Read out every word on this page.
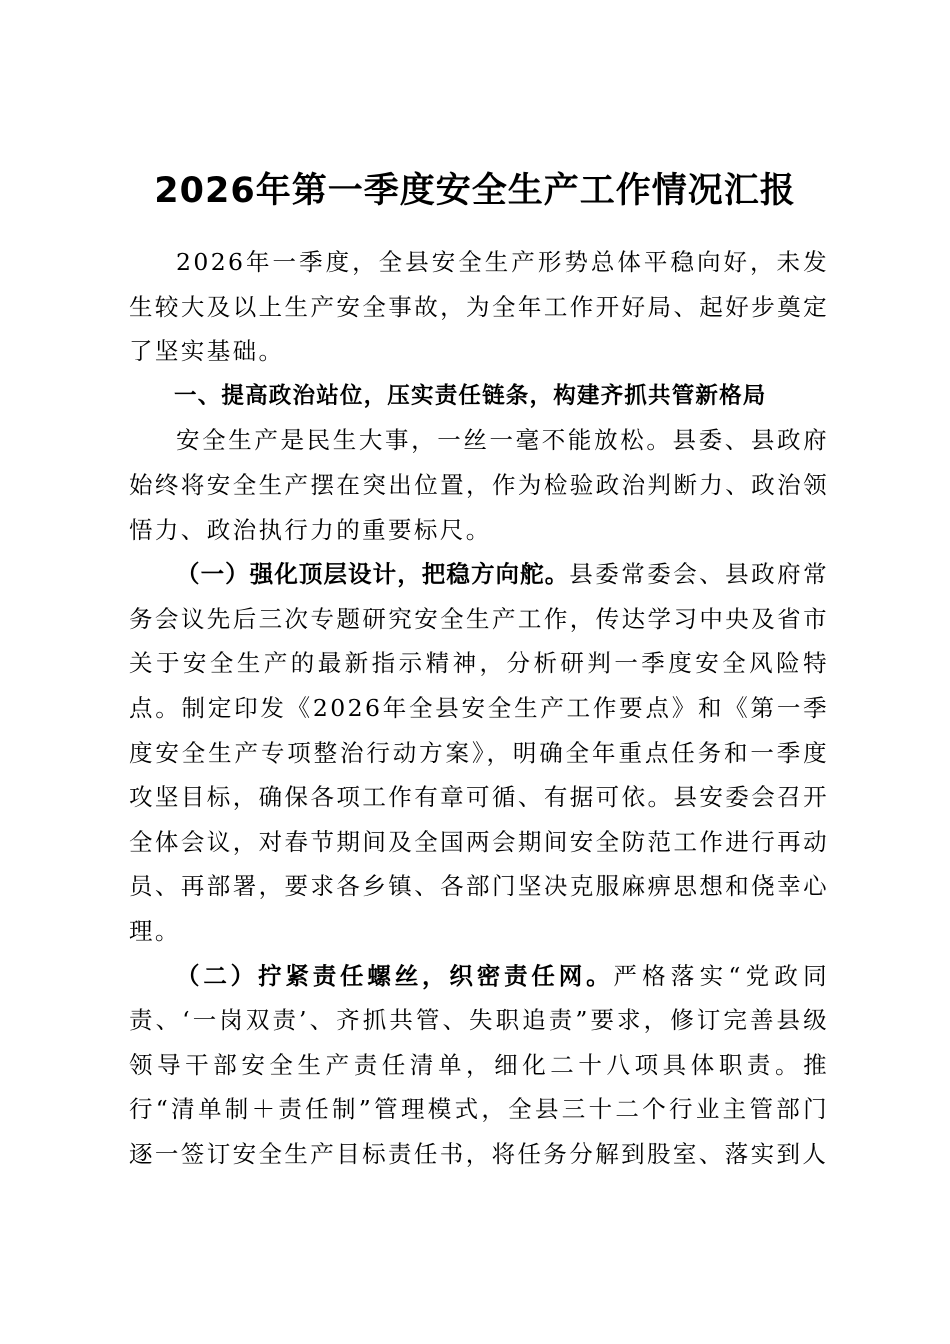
2026年第一季度安全生产工作情况汇报

2026年一季度，全县安全生产形势总体平稳向好，未发生较大及以上生产安全事故，为全年工作开好局、起好步奠定了坚实基础。

一、提高政治站位，压实责任链条，构建齐抓共管新格局

安全生产是民生大事，一丝一毫不能放松。县委、县政府始终将安全生产摆在突出位置，作为检验政治判断力、政治领悟力、政治执行力的重要标尺。

（一）强化顶层设计，把稳方向舵。县委常委会、县政府常务会议先后三次专题研究安全生产工作，传达学习中央及省市关于安全生产的最新指示精神，分析研判一季度安全风险特点。制定印发《2026年全县安全生产工作要点》和《第一季度安全生产专项整治行动方案》，明确全年重点任务和一季度攻坚目标，确保各项工作有章可循、有据可依。县安委会召开全体会议，对春节期间及全国两会期间安全防范工作进行再动员、再部署，要求各乡镇、各部门坚决克服麻痹思想和侥幸心理。

（二）拧紧责任螺丝，织密责任网。严格落实“党政同责、‘一岗双责’、齐抓共管、失职追责”要求，修订完善县级领导干部安全生产责任清单，细化二十八项具体职责。推行“清单制＋责任制”管理模式，全县三十二个行业主管部门逐一签订安全生产目标责任书，将任务分解到股室、落实到人
